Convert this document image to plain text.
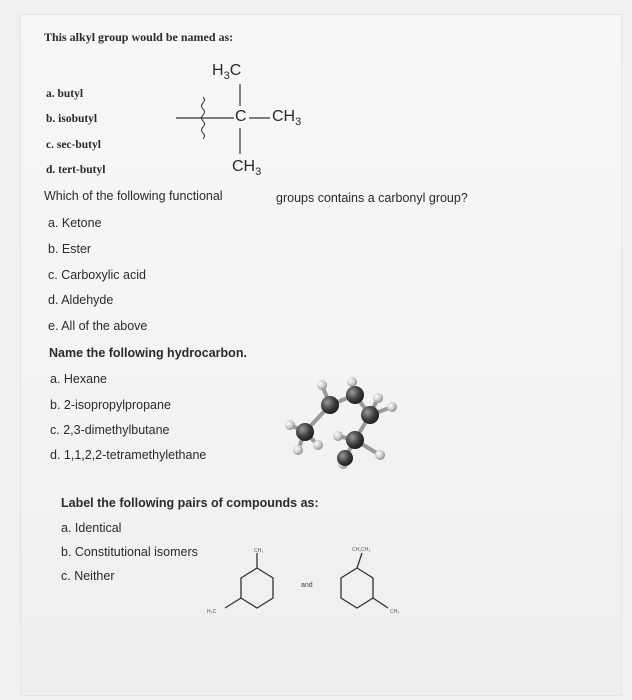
This alkyl group would be named as:
a. butyl
b. isobutyl
c. sec-butyl
d. tert-butyl
$H_3C$
C $CH_3$
$CH_3$
Which of the following functional	groups contains a carbonyl group?
a. Ketone
b. Ester
c. Carboxylic acid
d. Aldehyde
e. All of the above
Name the following hydrocarbon.
a. Hexane
b. 2-isopropylpropane
c. 2,3-dimethylbutane
d. 1,1,2,2-tetramethylethane
Label the following pairs of compounds as:
a. Identical
b. Constitutional isomers
c. Neither
CH₃
H₃C
CH₂CH₃
CH₃
and
